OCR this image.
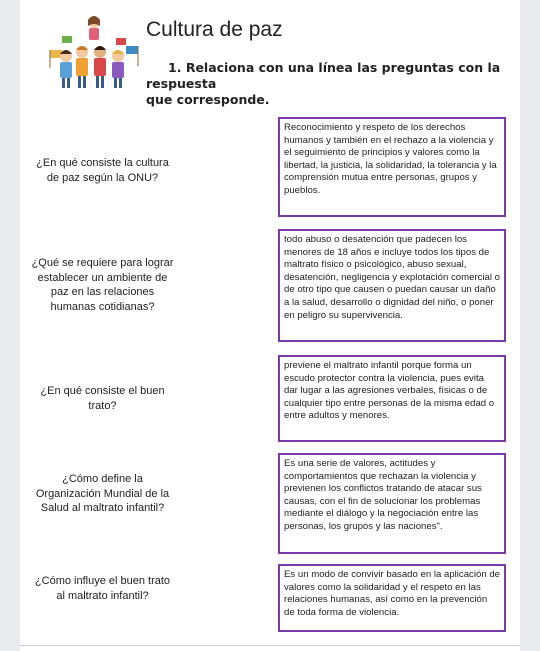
Cultura de paz
1. Relaciona con una línea las preguntas con la respuesta
que corresponde.
¿En qué consiste la cultura de paz según la ONU?
¿Qué se requiere para lograr establecer un ambiente de paz en las relaciones humanas cotidianas?
¿En qué consiste el buen trato?
¿Cómo define la Organización Mundial de la Salud al maltrato infantil?
¿Cómo influye el buen trato al maltrato infantil?
Reconocimiento y respeto de los derechos humanos y también en el rechazo a la violencia y el seguimiento de principios y valores como la libertad, la justicia, la solidaridad, la tolerancia y la comprensión mutua entre personas, grupos y pueblos.
todo abuso o desatención que padecen los menores de 18 años e incluye todos los tipos de maltrato físico o psicológico, abuso sexual, desatención, negligencia y explotación comercial o de otro tipo que causen o puedan causar un daño a la salud, desarrollo o dignidad del niño, o poner en peligro su supervivencia.
previene el maltrato infantil porque forma un escudo protector contra la violencia, pues evita dar lugar a las agresiones verbales, físicas o de cualquier tipo entre personas de la misma edad o entre adultos y menores.
Es una serie de valores, actitudes y comportamientos que rechazan la violencia y previenen los conflictos tratando de atacar sus causas, con el fin de solucionar los problemas mediante el diálogo y la negociación entre las personas, los grupos y las naciones".
Es un modo de convivir basado en la aplicación de valores como la solidaridad y el respeto en las relaciones humanas, así como en la prevención de toda forma de violencia.
